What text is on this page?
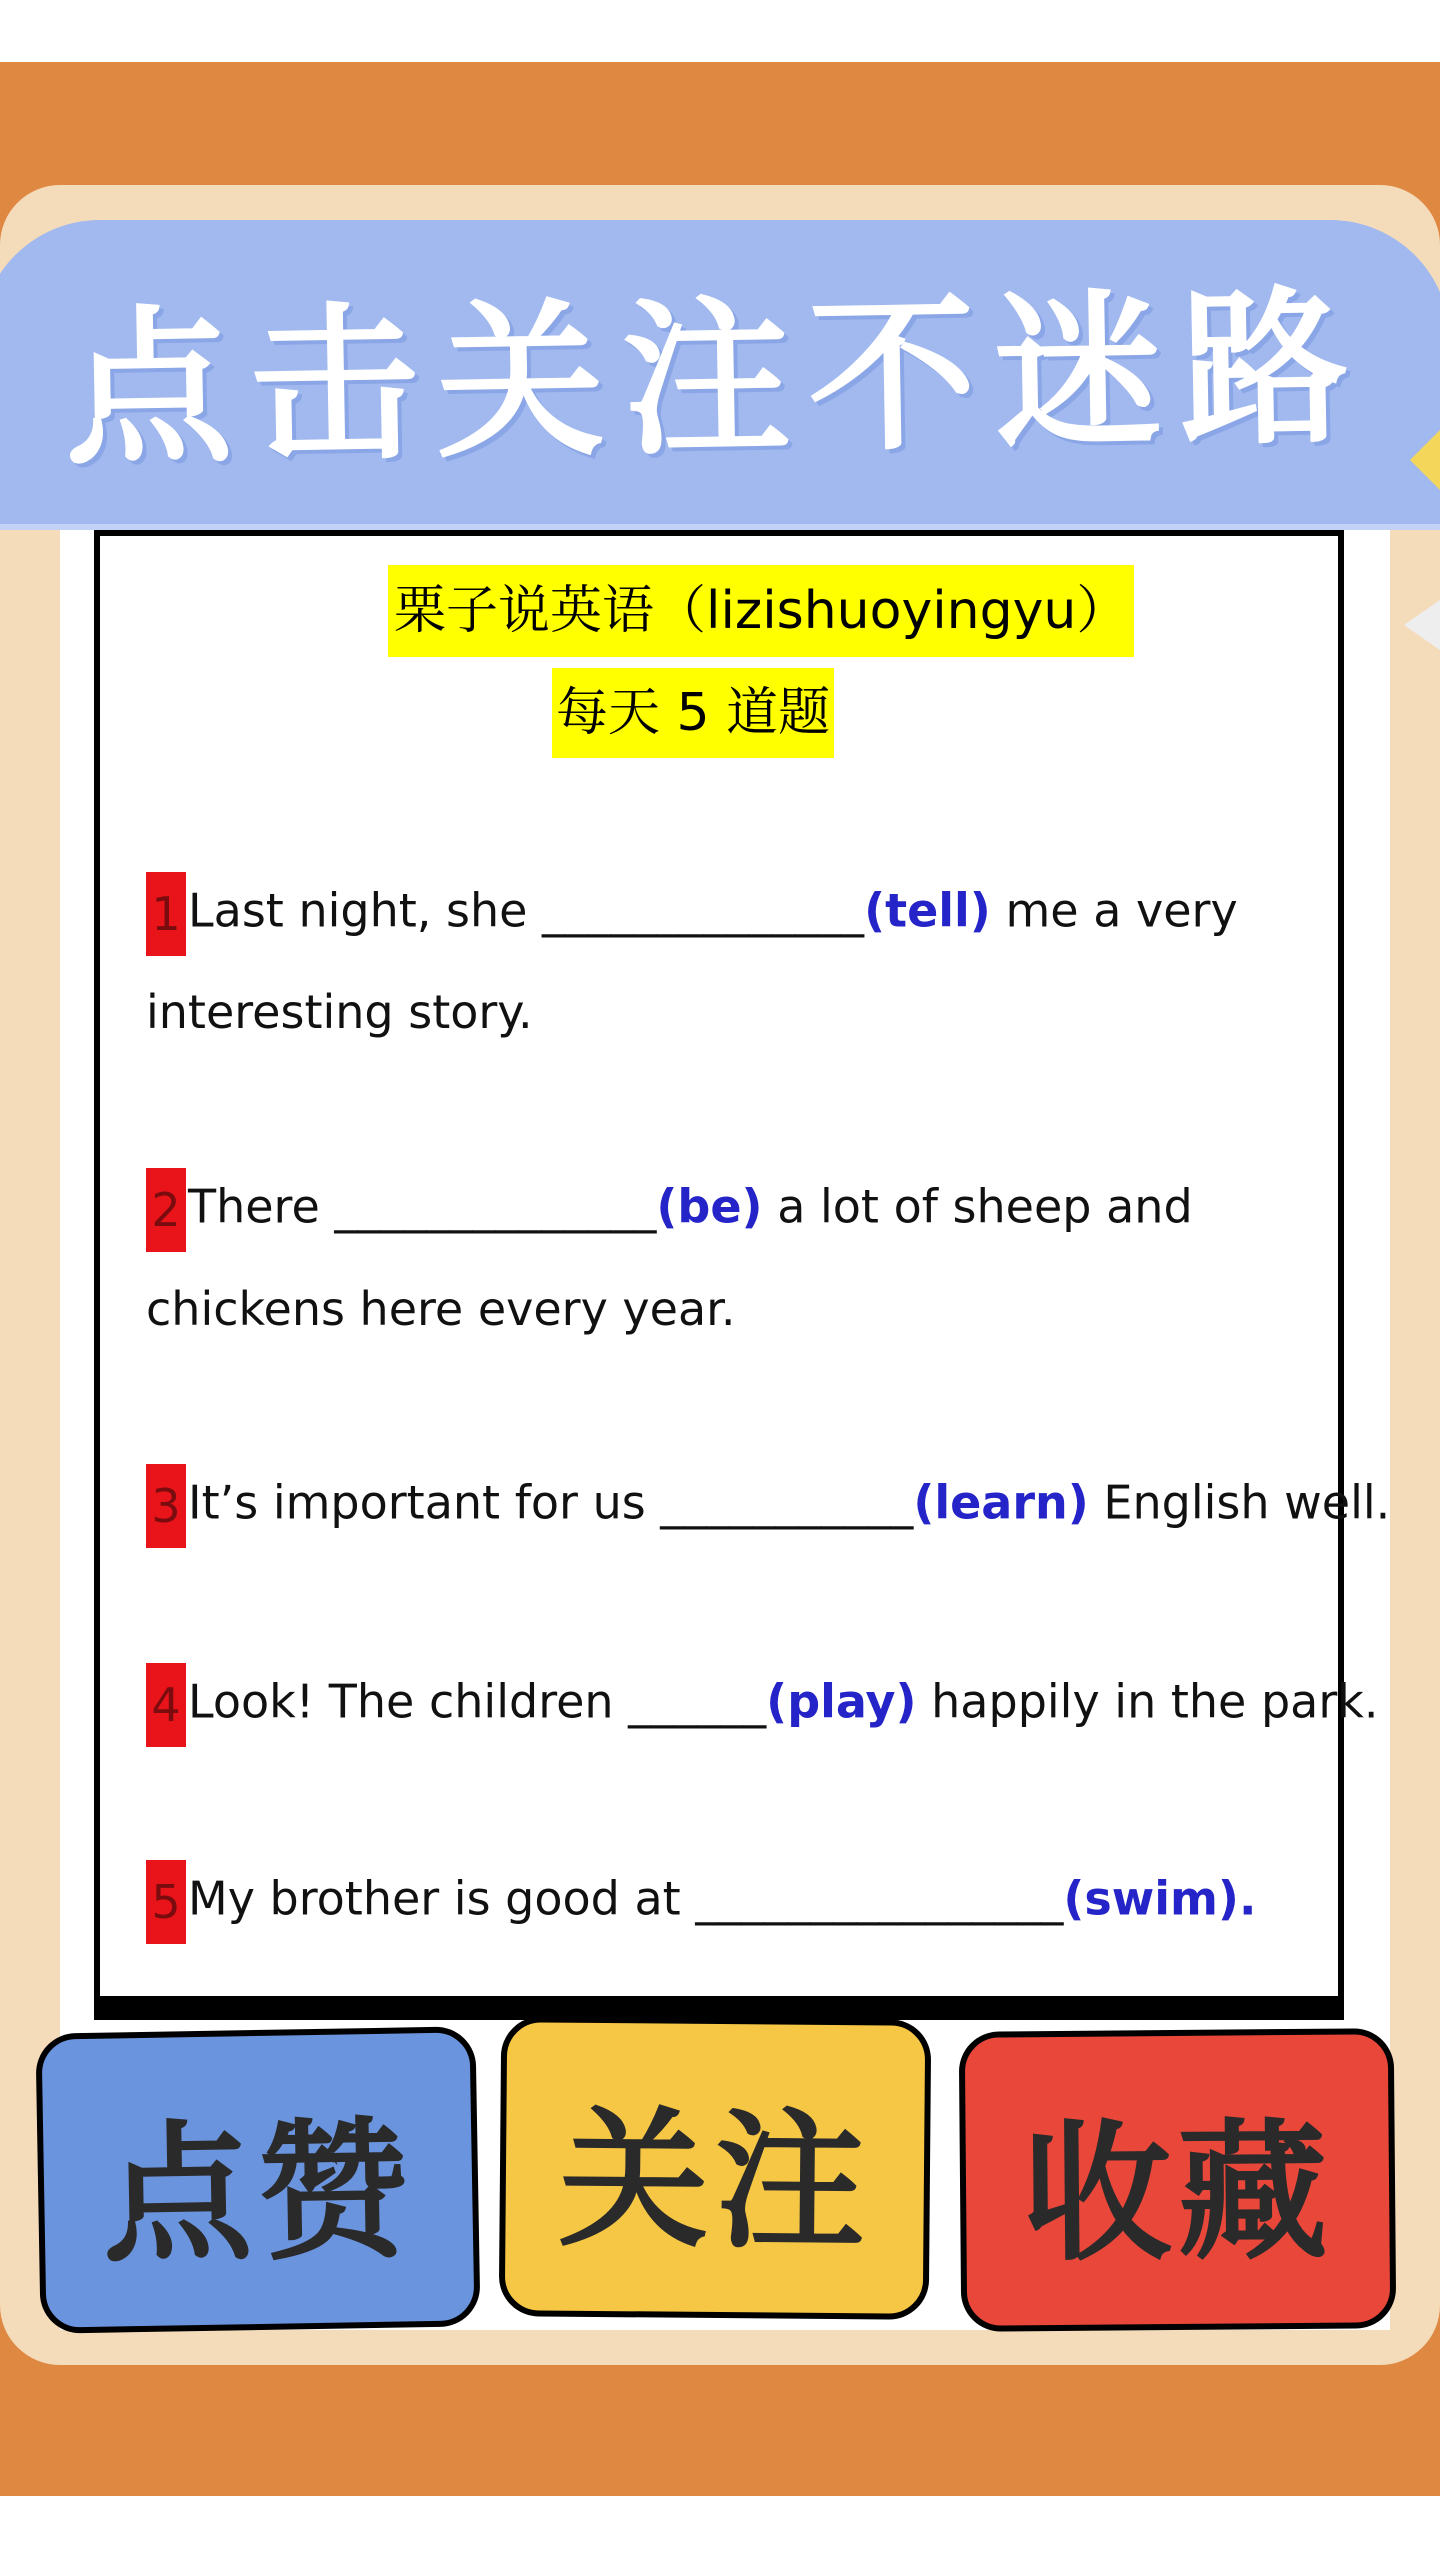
点击关注不迷路
栗子说英语（lizishuoyingyu）
每天 5 道题
1 Last night, she ______________(tell) me a very
interesting story.
2 There ______________(be) a lot of sheep and
chickens here every year.
3 It’s important for us ___________(learn) English well.
4 Look! The children ______(play) happily in the park.
5 My brother is good at ________________(swim).
点赞 关注 收藏
